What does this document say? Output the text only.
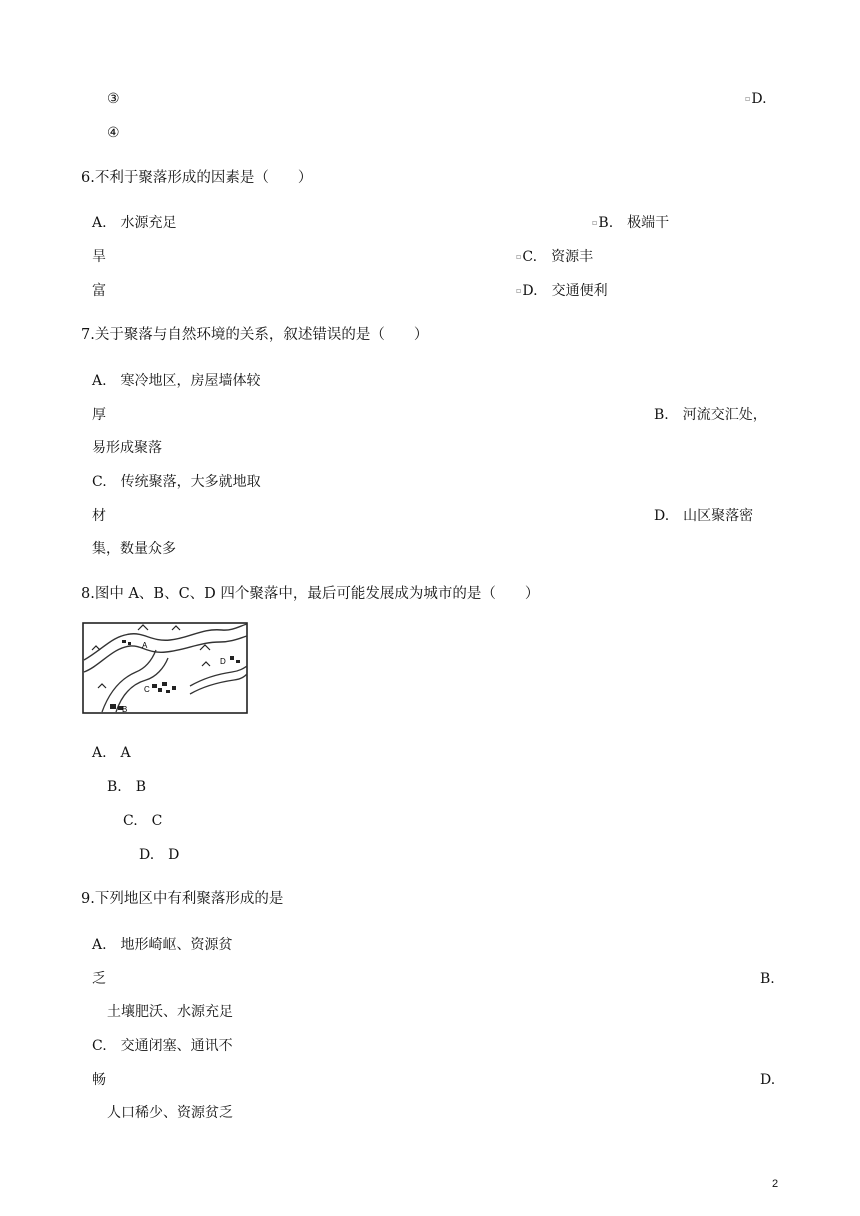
③	▫D.
④
6.不利于聚落形成的因素是（　　）
A.　水源充足	▫B.　极端干
旱	▫C.　资源丰
富	▫D.　交通便利
7.关于聚落与自然环境的关系，叙述错误的是（　　）
A.　寒冷地区，房屋墙体较
厚	B.　河流交汇处，
易形成聚落
C.　传统聚落，大多就地取
材	D.　山区聚落密
集，数量众多
8.图中 A、B、C、D 四个聚落中，最后可能发展成为城市的是（　　）
A
B
C
D
A.　A
B.　B
C.　C
D.　D
9.下列地区中有利聚落形成的是
A.　地形崎岖、资源贫
乏	B.
土壤肥沃、水源充足
C.　交通闭塞、通讯不
畅	D.
人口稀少、资源贫乏
2
